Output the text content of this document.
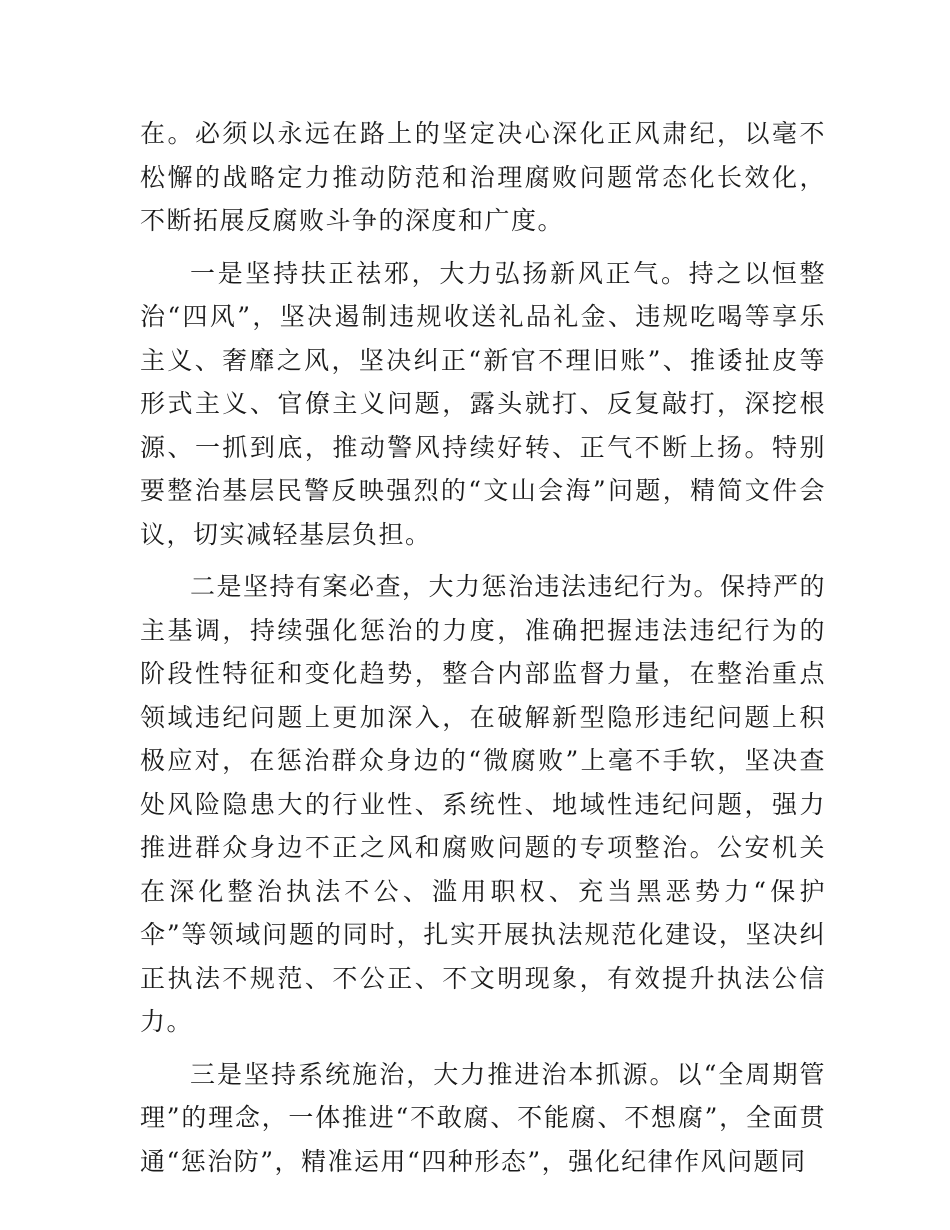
在。必须以永远在路上的坚定决心深化正风肃纪，以毫不松懈的战略定力推动防范和治理腐败问题常态化长效化，不断拓展反腐败斗争的深度和广度。

一是坚持扶正祛邪，大力弘扬新风正气。持之以恒整治“四风”，坚决遏制违规收送礼品礼金、违规吃喝等享乐主义、奢靡之风，坚决纠正“新官不理旧账”、推诿扯皮等形式主义、官僚主义问题，露头就打、反复敲打，深挖根源、一抓到底，推动警风持续好转、正气不断上扬。特别要整治基层民警反映强烈的“文山会海”问题，精简文件会议，切实减轻基层负担。

二是坚持有案必查，大力惩治违法违纪行为。保持严的主基调，持续强化惩治的力度，准确把握违法违纪行为的阶段性特征和变化趋势，整合内部监督力量，在整治重点领域违纪问题上更加深入，在破解新型隐形违纪问题上积极应对，在惩治群众身边的“微腐败”上毫不手软，坚决查处风险隐患大的行业性、系统性、地域性违纪问题，强力推进群众身边不正之风和腐败问题的专项整治。公安机关在深化整治执法不公、滥用职权、充当黑恶势力“保护伞”等领域问题的同时，扎实开展执法规范化建设，坚决纠正执法不规范、不公正、不文明现象，有效提升执法公信力。

三是坚持系统施治，大力推进治本抓源。以“全周期管理”的理念，一体推进“不敢腐、不能腐、不想腐”，全面贯通“惩治防”，精准运用“四种形态”，强化纪律作风问题同
